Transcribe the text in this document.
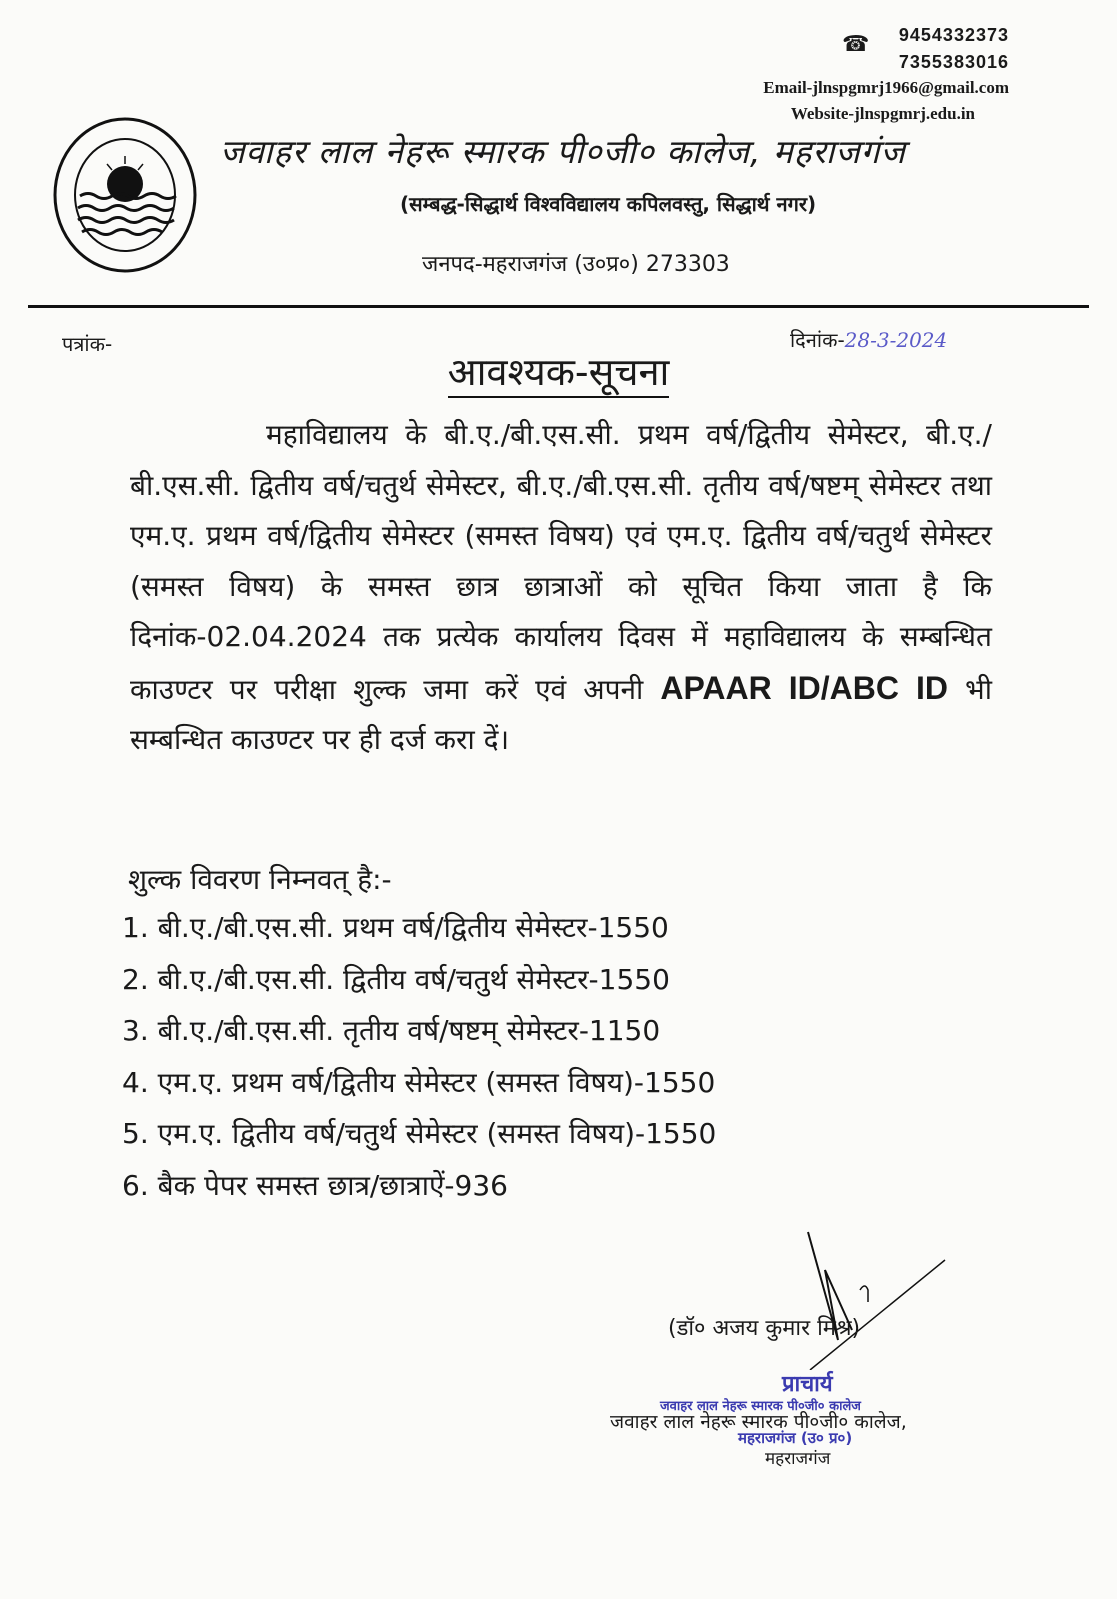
☎ 9454332373
7355383016
Email-jlnspgmrj1966@gmail.com
Website-jlnspgmrj.edu.in
जवाहर लाल नेहरू स्मारक पी०जी० कालेज, महराजगंज
(सम्बद्ध-सिद्धार्थ विश्वविद्यालय कपिलवस्तु, सिद्धार्थ नगर)
जनपद-महराजगंज (उ०प्र०) 273303
पत्रांक-	दिनांक-28-3-2024
आवश्यक-सूचना
महाविद्यालय के बी.ए./बी.एस.सी. प्रथम वर्ष/द्वितीय सेमेस्टर, बी.ए./बी.एस.सी. द्वितीय वर्ष/चतुर्थ सेमेस्टर, बी.ए./बी.एस.सी. तृतीय वर्ष/षष्टम् सेमेस्टर तथा एम.ए. प्रथम वर्ष/द्वितीय सेमेस्टर (समस्त विषय) एवं एम.ए. द्वितीय वर्ष/चतुर्थ सेमेस्टर (समस्त विषय) के समस्त छात्र छात्राओं को सूचित किया जाता है कि दिनांक-02.04.2024 तक प्रत्येक कार्यालय दिवस में महाविद्यालय के सम्बन्धित काउण्टर पर परीक्षा शुल्क जमा करें एवं अपनी APAAR ID/ABC ID भी सम्बन्धित काउण्टर पर ही दर्ज करा दें।
शुल्क विवरण निम्नवत् है:-
1. बी.ए./बी.एस.सी. प्रथम वर्ष/द्वितीय सेमेस्टर-1550
2. बी.ए./बी.एस.सी. द्वितीय वर्ष/चतुर्थ सेमेस्टर-1550
3. बी.ए./बी.एस.सी. तृतीय वर्ष/षष्टम् सेमेस्टर-1150
4. एम.ए. प्रथम वर्ष/द्वितीय सेमेस्टर (समस्त विषय)-1550
5. एम.ए. द्वितीय वर्ष/चतुर्थ सेमेस्टर (समस्त विषय)-1550
6. बैक पेपर समस्त छात्र/छात्राऐं-936
(डॉ० अजय कुमार मिश्र)
प्राचार्य
जवाहर लाल नेहरू स्मारक पी०जी० कालेज
जवाहर लाल नेहरू स्मारक पी०जी० कालेज,
महराजगंज (उ० प्र०)
महराजगंज
